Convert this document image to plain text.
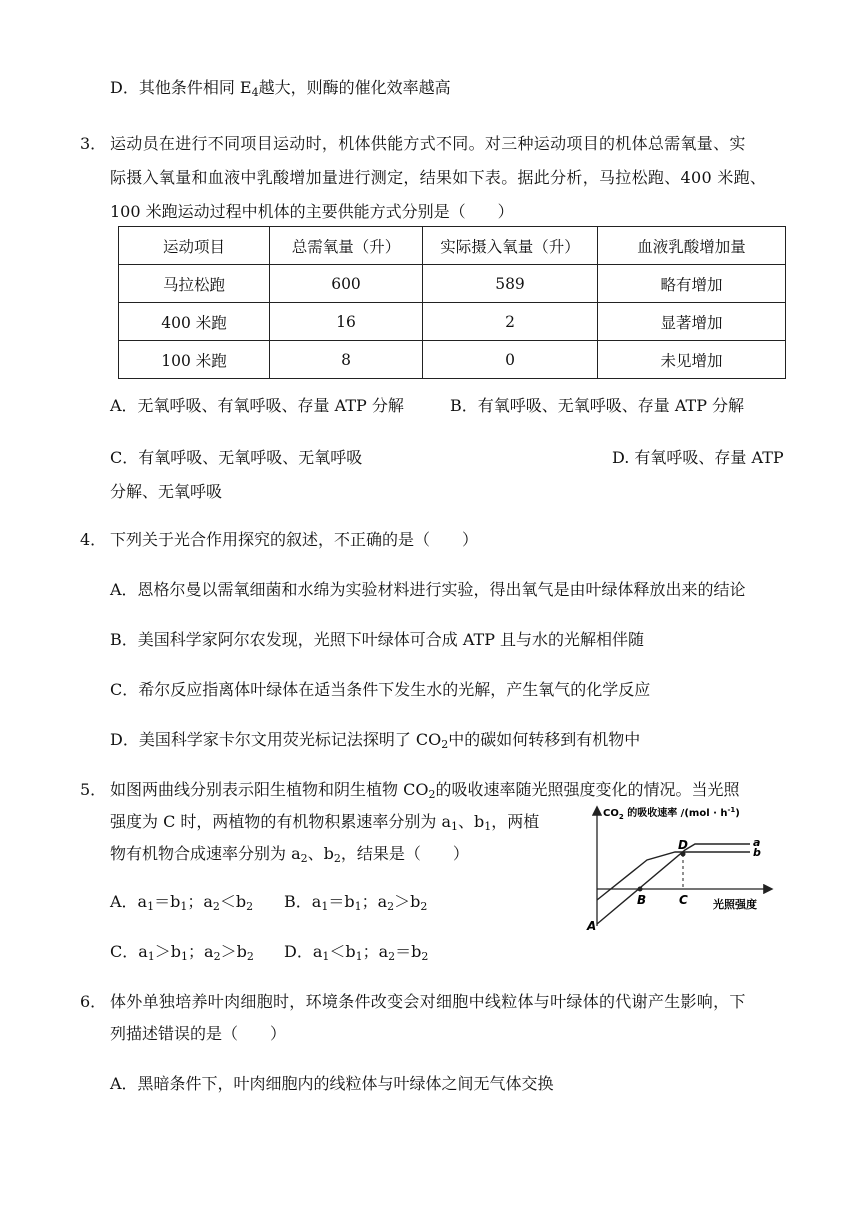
D．其他条件相同 $E_4$越大，则酶的催化效率越高
3． 运动员在进行不同项目运动时，机体供能方式不同。对三种运动项目的机体总需氧量、实
际摄入氧量和血液中乳酸增加量进行测定，结果如下表。据此分析，马拉松跑、400 米跑、
100 米跑运动过程中机体的主要供能方式分别是（　　）
运动项目	总需氧量（升）	实际摄入氧量（升）	血液乳酸增加量
马拉松跑	600	589	略有增加
400 米跑	16	2	显著增加
100 米跑	8	0	未见增加
A．无氧呼吸、有氧呼吸、存量 ATP 分解	B．有氧呼吸、无氧呼吸、存量 ATP 分解
C．有氧呼吸、无氧呼吸、无氧呼吸	D. 有氧呼吸、存量 ATP
分解、无氧呼吸
4． 下列关于光合作用探究的叙述，不正确的是（　　）
A．恩格尔曼以需氧细菌和水绵为实验材料进行实验，得出氧气是由叶绿体释放出来的结论
B．美国科学家阿尔农发现，光照下叶绿体可合成 ATP 且与水的光解相伴随
C．希尔反应指离体叶绿体在适当条件下发生水的光解，产生氧气的化学反应
D．美国科学家卡尔文用荧光标记法探明了 $CO_2$中的碳如何转移到有机物中
5． 如图两曲线分别表示阳生植物和阴生植物 $CO_2$的吸收速率随光照强度变化的情况。当光照
强度为 C 时，两植物的有机物积累速率分别为 $a_1$、$b_1$，两植
物有机物合成速率分别为 $a_2$、$b_2$，结果是（　　）
A．$a_1=b_1$；$a_2<b_2$ B．$a_1=b_1$；$a_2>b_2$
C．$a_1>b_1$；$a_2>b_2$ D．$a_1<b_1$；$a_2=b_2$
$CO_2$ 的吸收速率 $/(mol \cdot h^{-1})$
A
B	C
D	a
b
光照强度
6． 体外单独培养叶肉细胞时，环境条件改变会对细胞中线粒体与叶绿体的代谢产生影响，下
列描述错误的是（　　）
A．黑暗条件下，叶肉细胞内的线粒体与叶绿体之间无气体交换
